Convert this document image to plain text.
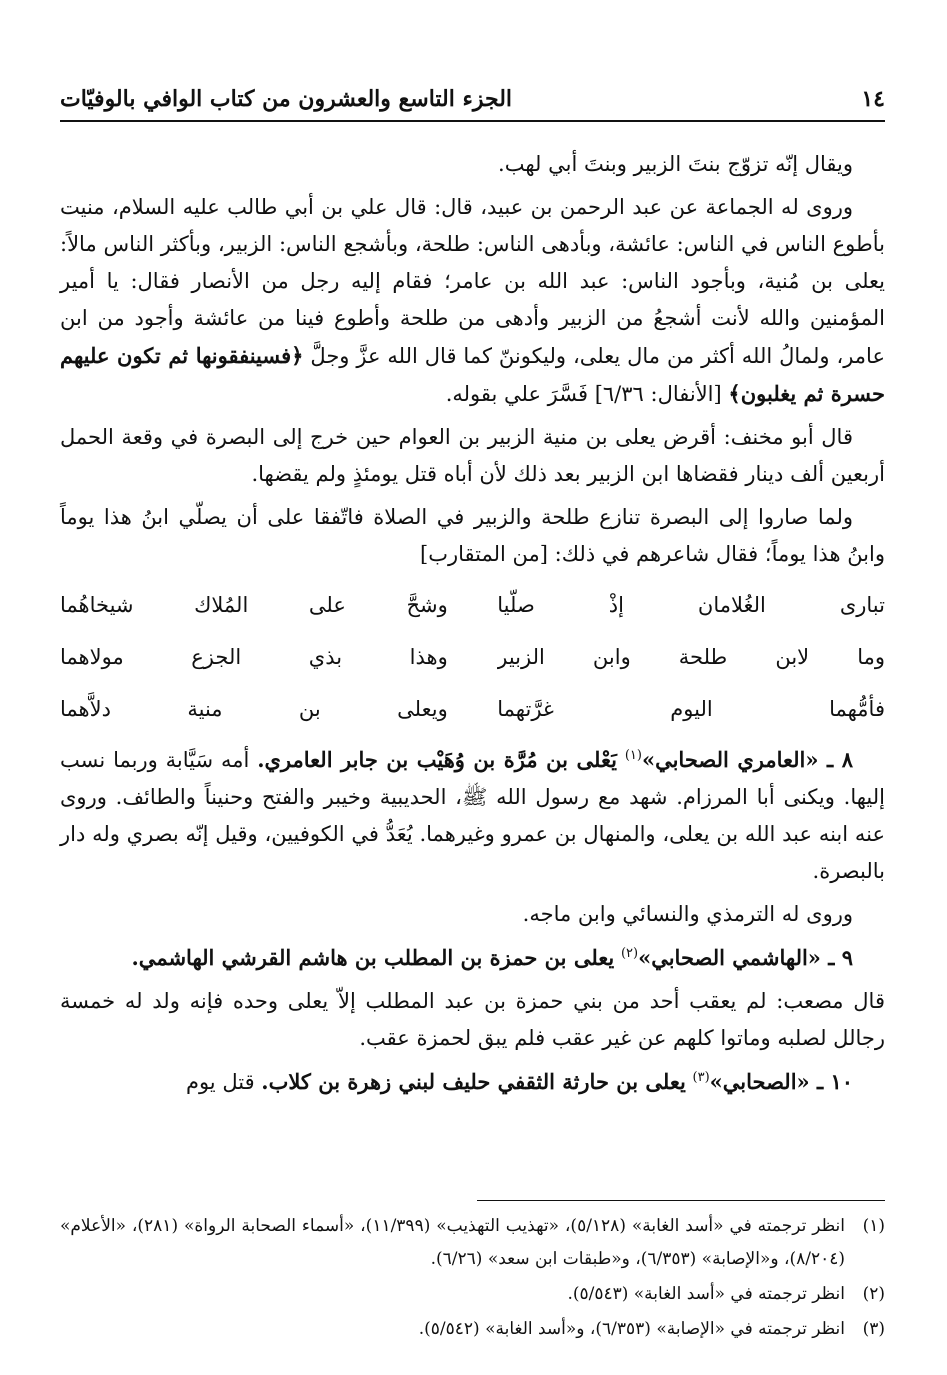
١٤
الجزء التاسع والعشرون من كتاب الوافي بالوفيّات

ويقال إنّه تزوّج بنتَ الزبير وبنتَ أبي لهب.

وروى له الجماعة عن عبد الرحمن بن عبيد، قال: قال علي بن أبي طالب عليه السلام، منيت بأطوع الناس في الناس: عائشة، وبأدهى الناس: طلحة، وبأشجع الناس: الزبير، وبأكثر الناس مالاً: يعلى بن مُنية، وبأجود الناس: عبد الله بن عامر؛ فقام إليه رجل من الأنصار فقال: يا أمير المؤمنين والله لأنت أشجعُ من الزبير وأدهى من طلحة وأطوع فينا من عائشة وأجود من ابن عامر، ولمالُ الله أكثر من مال يعلى، وليكوننّ كما قال الله عزَّ وجلَّ ﴿فسينفقونها ثم تكون عليهم حسرة ثم يغلبون﴾ [الأنفال: ٦/٣٦] فَسَّرَ علي بقوله.

قال أبو مخنف: أقرض يعلى بن منية الزبير بن العوام حين خرج إلى البصرة في وقعة الحمل أربعين ألف دينار فقضاها ابن الزبير بعد ذلك لأن أباه قتل يومئذٍ ولم يقضها.

ولما صاروا إلى البصرة تنازع طلحة والزبير في الصلاة فاتّفقا على أن يصلّي ابنُ هذا يوماً وابنُ هذا يوماً؛ فقال شاعرهم في ذلك: [من المتقارب]

تبارى الغُلامان إذْ صلّيا
وشحَّ على المُلاك شيخاهُما
وما لابن طلحة وابن الزبير
وهذا بذي الجزع مولاهما
فأمُّهما اليوم غرَّتهما
ويعلى بن منية دلاَّهما

٨ ـ «العامري الصحابي»$^{(١)}$ يَعْلى بن مُرَّة بن وُهَيْب بن جابر العامري. أمه سَيَّابة وربما نسب إليها. ويكنى أبا المرزام. شهد مع رسول الله ﷺ، الحديبية وخيبر والفتح وحنيناً والطائف. وروى عنه ابنه عبد الله بن يعلى، والمنهال بن عمرو وغيرهما. يُعَدُّ في الكوفيين، وقيل إنّه بصري وله دار بالبصرة.

وروى له الترمذي والنسائي وابن ماجه.

٩ ـ «الهاشمي الصحابي»$^{(٢)}$ يعلى بن حمزة بن المطلب بن هاشم القرشي الهاشمي.

قال مصعب: لم يعقب أحد من بني حمزة بن عبد المطلب إلاّ يعلى وحده فإنه ولد له خمسة رجالل لصلبه وماتوا كلهم عن غير عقب فلم يبق لحمزة عقب.

١٠ ـ «الصحابي»$^{(٣)}$ يعلى بن حارثة الثقفي حليف لبني زهرة بن كلاب. قتل يوم

(١)
انظر ترجمته في «أسد الغابة» (٥/١٢٨)، «تهذيب التهذيب» (١١/٣٩٩)، «أسماء الصحابة الرواة» (٢٨١)، «الأعلام» (٨/٢٠٤)، و«الإصابة» (٦/٣٥٣)، و«طبقات ابن سعد» (٦/٢٦).
(٢)
انظر ترجمته في «أسد الغابة» (٥/٥٤٣).
(٣)
انظر ترجمته في «الإصابة» (٦/٣٥٣)، و«أسد الغابة» (٥/٥٤٢).
